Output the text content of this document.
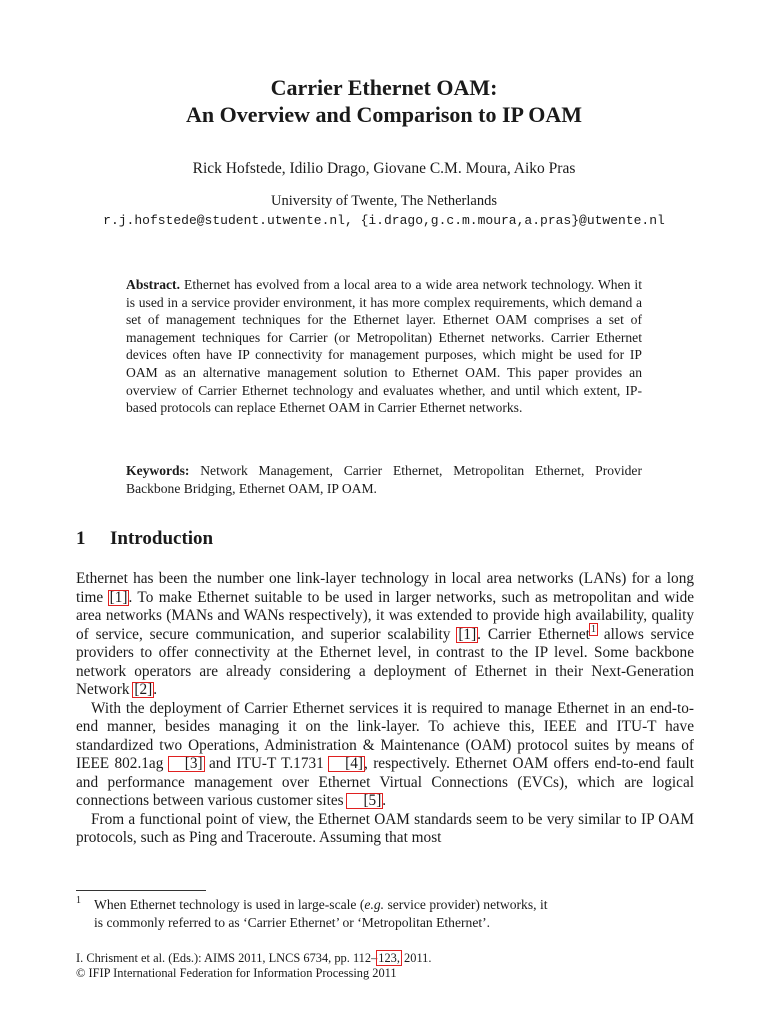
Carrier Ethernet OAM:
An Overview and Comparison to IP OAM
Rick Hofstede, Idilio Drago, Giovane C.M. Moura, Aiko Pras
University of Twente, The Netherlands
r.j.hofstede@student.utwente.nl, {i.drago,g.c.m.moura,a.pras}@utwente.nl
Abstract. Ethernet has evolved from a local area to a wide area network technology. When it is used in a service provider environment, it has more complex requirements, which demand a set of management techniques for the Ethernet layer. Ethernet OAM comprises a set of management techniques for Carrier (or Metropolitan) Ethernet networks. Carrier Ethernet devices often have IP connectivity for management purposes, which might be used for IP OAM as an alternative management solution to Ethernet OAM. This paper provides an overview of Carrier Ethernet technology and evaluates whether, and until which extent, IP-based protocols can replace Ethernet OAM in Carrier Ethernet networks.
Keywords: Network Management, Carrier Ethernet, Metropolitan Ethernet, Provider Backbone Bridging, Ethernet OAM, IP OAM.
1 Introduction

Ethernet has been the number one link-layer technology in local area networks (LANs) for a long time [1]. To make Ethernet suitable to be used in larger networks, such as metropolitan and wide area networks (MANs and WANs respectively), it was extended to provide high availability, quality of service, secure communication, and superior scalability [1]. Carrier Ethernet$^1$ allows service providers to offer connectivity at the Ethernet level, in contrast to the IP level. Some backbone network operators are already considering a deployment of Ethernet in their Next-Generation Network [2].

With the deployment of Carrier Ethernet services it is required to manage Ethernet in an end-to-end manner, besides managing it on the link-layer. To achieve this, IEEE and ITU-T have standardized two Operations, Administration & Maintenance (OAM) protocol suites by means of IEEE 802.1ag [3] and ITU-T T.1731 [4], respectively. Ethernet OAM offers end-to-end fault and performance management over Ethernet Virtual Connections (EVCs), which are logical connections between various customer sites [5].

From a functional point of view, the Ethernet OAM standards seem to be very similar to IP OAM protocols, such as Ping and Traceroute. Assuming that most

1 When Ethernet technology is used in large-scale (e.g. service provider) networks, it
is commonly referred to as ‘Carrier Ethernet’ or ‘Metropolitan Ethernet’.
I. Chrisment et al. (Eds.): AIMS 2011, LNCS 6734, pp. 112–123, 2011.
© IFIP International Federation for Information Processing 2011
